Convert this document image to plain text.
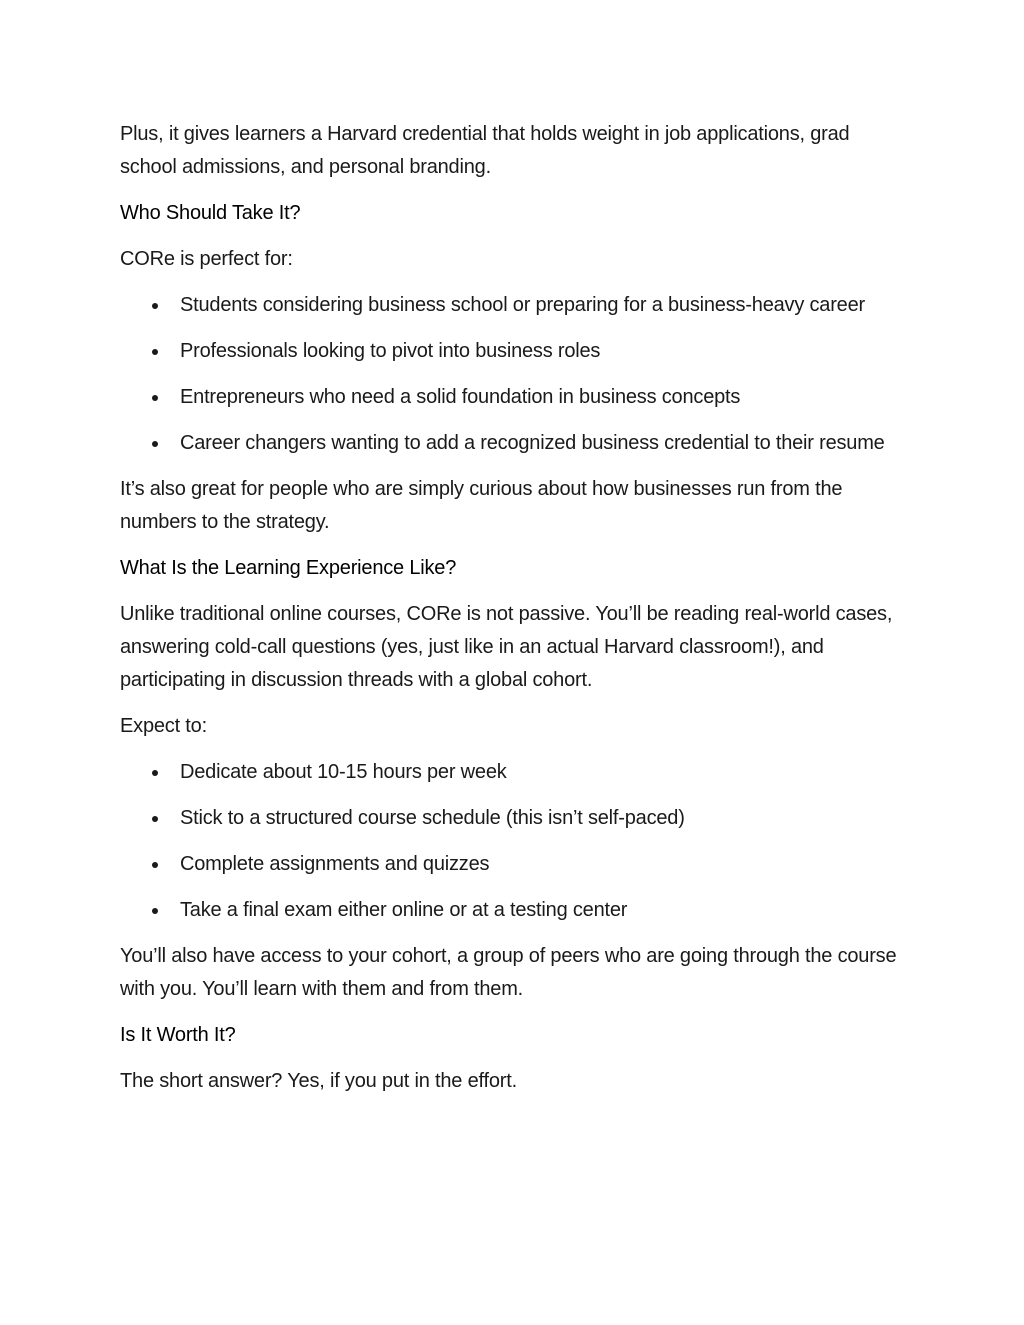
Plus, it gives learners a Harvard credential that holds weight in job applications, grad school admissions, and personal branding.

Who Should Take It?

CORe is perfect for:

Students considering business school or preparing for a business-heavy career
Professionals looking to pivot into business roles
Entrepreneurs who need a solid foundation in business concepts
Career changers wanting to add a recognized business credential to their resume

It’s also great for people who are simply curious about how businesses run from the numbers to the strategy.

What Is the Learning Experience Like?

Unlike traditional online courses, CORe is not passive. You’ll be reading real-world cases, answering cold-call questions (yes, just like in an actual Harvard classroom!), and participating in discussion threads with a global cohort.

Expect to:

Dedicate about 10-15 hours per week
Stick to a structured course schedule (this isn’t self-paced)
Complete assignments and quizzes
Take a final exam either online or at a testing center

You’ll also have access to your cohort, a group of peers who are going through the course with you. You’ll learn with them and from them.

Is It Worth It?

The short answer? Yes, if you put in the effort.
